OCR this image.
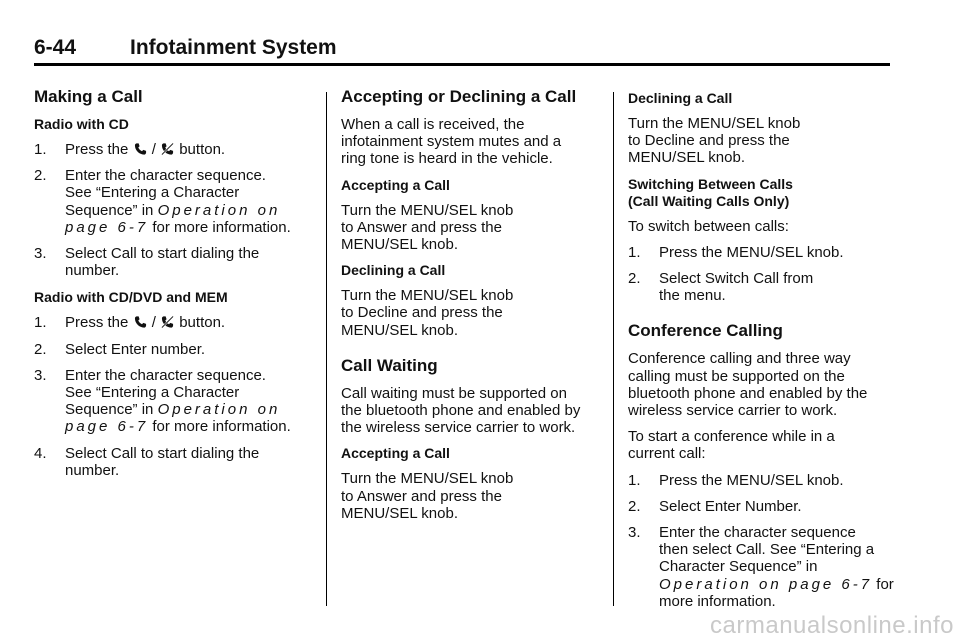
6-44	Infotainment System
Making a Call
Radio with CD
1. Press the  /  button.
2. Enter the character sequence.
See “Entering a Character
Sequence” in Operation on
page 6-7 for more information.
3. Select Call to start dialing the
number.
Radio with CD/DVD and MEM
1. Press the  /  button.
2. Select Enter number.
3. Enter the character sequence.
See “Entering a Character
Sequence” in Operation on
page 6-7 for more information.
4. Select Call to start dialing the
number.
Accepting or Declining a Call

When a call is received, the
infotainment system mutes and a
ring tone is heard in the vehicle.

Accepting a Call

Turn the MENU/SEL knob
to Answer and press the
MENU/SEL knob.

Declining a Call

Turn the MENU/SEL knob
to Decline and press the
MENU/SEL knob.

Call Waiting

Call waiting must be supported on
the bluetooth phone and enabled by
the wireless service carrier to work.

Accepting a Call

Turn the MENU/SEL knob
to Answer and press the
MENU/SEL knob.

Declining a Call

Turn the MENU/SEL knob
to Decline and press the
MENU/SEL knob.

Switching Between Calls
(Call Waiting Calls Only)

To switch between calls:

1. Press the MENU/SEL knob.
2. Select Switch Call from
the menu.
Conference Calling

Conference calling and three way
calling must be supported on the
bluetooth phone and enabled by the
wireless service carrier to work.

To start a conference while in a
current call:

1. Press the MENU/SEL knob.
2. Select Enter Number.
3. Enter the character sequence
then select Call. See “Entering a
Character Sequence” in
Operation on page 6-7 for
more information.
carmanualsonline.info
